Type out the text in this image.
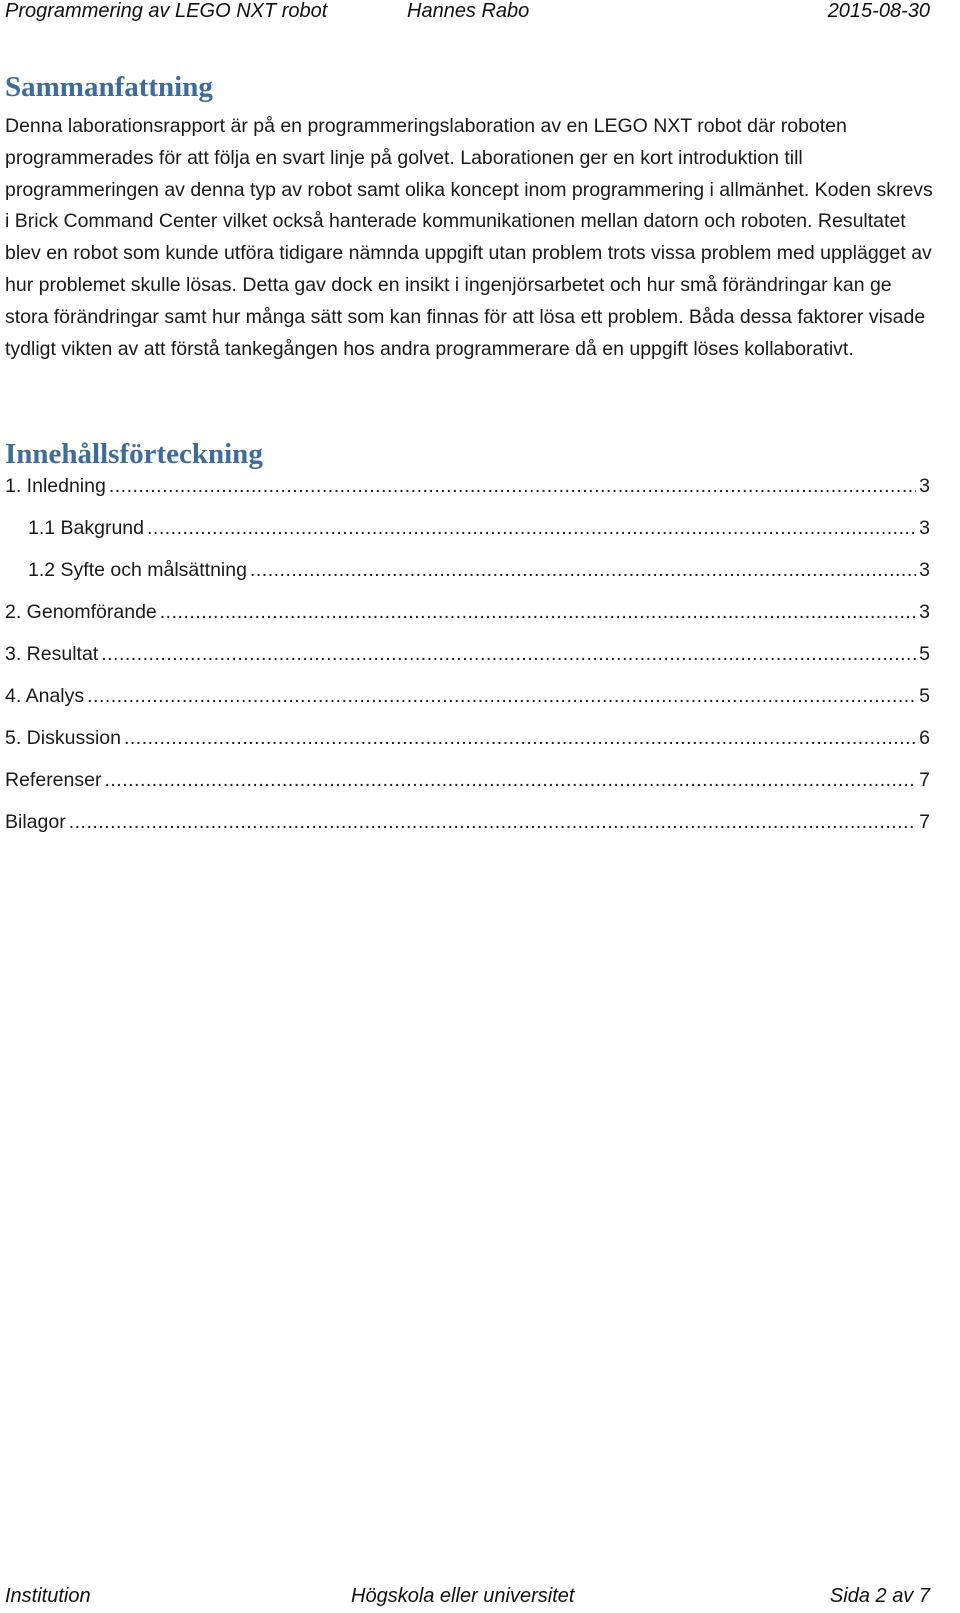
Programmering av LEGO NXT robot	Hannes Rabo	2015-08-30
Sammanfattning

Denna laborationsrapport är på en programmeringslaboration av en LEGO NXT robot där roboten programmerades för att följa en svart linje på golvet. Laborationen ger en kort introduktion till programmeringen av denna typ av robot samt olika koncept inom programmering i allmänhet. Koden skrevs i Brick Command Center vilket också hanterade kommunikationen mellan datorn och roboten. Resultatet blev en robot som kunde utföra tidigare nämnda uppgift utan problem trots vissa problem med upplägget av hur problemet skulle lösas. Detta gav dock en insikt i ingenjörsarbetet och hur små förändringar kan ge stora förändringar samt hur många sätt som kan finnas för att lösa ett problem. Båda dessa faktorer visade tydligt vikten av att förstå tankegången hos andra programmerare då en uppgift löses kollaborativt.

Innehållsförteckning
1. Inledning .....	3
1.1 Bakgrund .....	3
1.2 Syfte och målsättning .....	3
2. Genomförande .....	3
3. Resultat .....	5
4. Analys .....	5
5. Diskussion .....	6
Referenser .....	7
Bilagor .....	7
Institution	Högskola eller universitet	Sida 2 av 7
